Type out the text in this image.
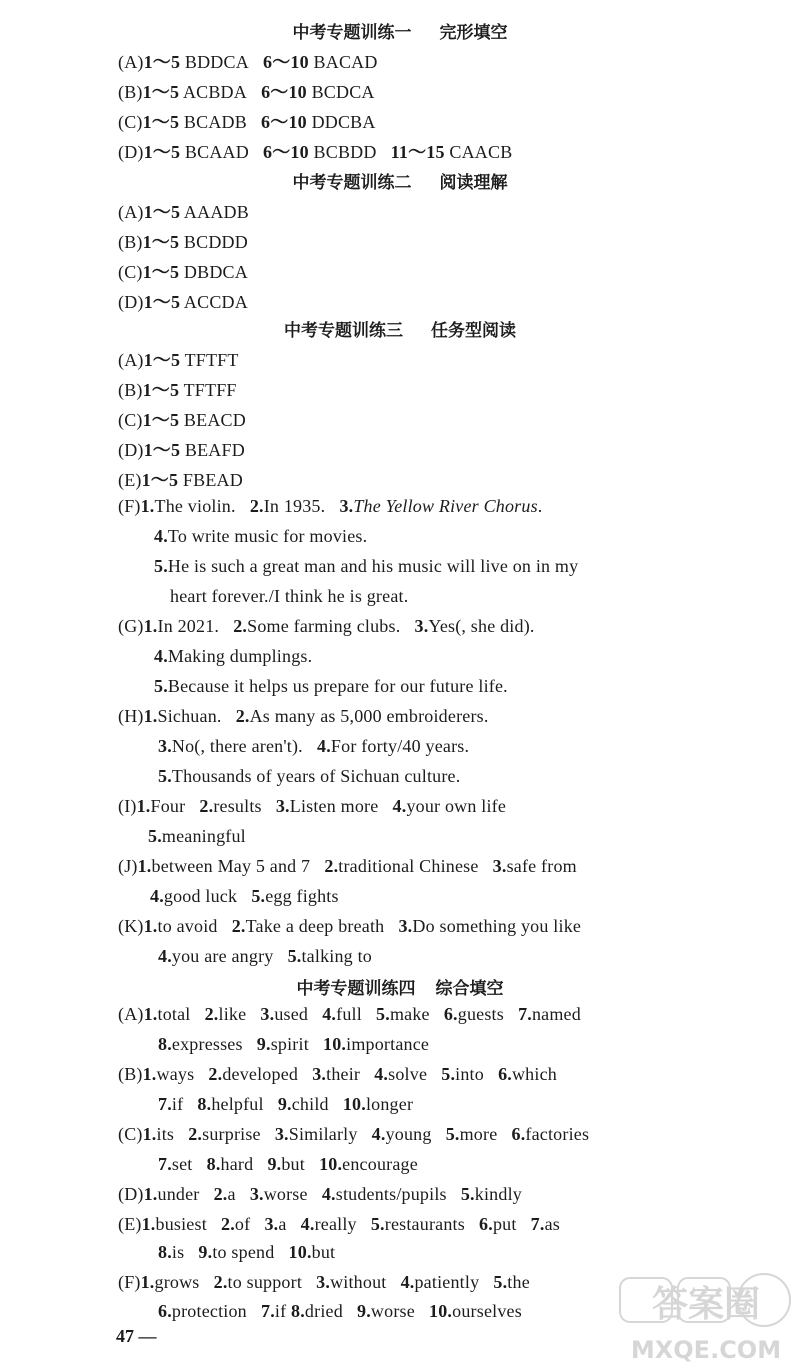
中考专题训练一 完形填空
(A)1～5 BDDCA 6～10 BACAD
(B)1～5 ACBDA 6～10 BCDCA
(C)1～5 BCADB 6～10 DDCBA
(D)1～5 BCAAD 6～10 BCBDD 11～15 CAACB
中考专题训练二 阅读理解
(A)1～5 AAADB
(B)1～5 BCDDD
(C)1～5 DBDCA
(D)1～5 ACCDA
中考专题训练三 任务型阅读
(A)1～5 TFTFT
(B)1～5 TFTFF
(C)1～5 BEACD
(D)1～5 BEAFD
(E)1～5 FBEAD
(F)1.The violin. 2.In 1935. 3.The Yellow River Chorus.
4.To write music for movies.
5.He is such a great man and his music will live on in my
heart forever./I think he is great.
(G)1.In 2021. 2.Some farming clubs. 3.Yes(, she did).
4.Making dumplings.
5.Because it helps us prepare for our future life.
(H)1.Sichuan. 2.As many as 5,000 embroiderers.
3.No(, there aren't). 4.For forty/40 years.
5.Thousands of years of Sichuan culture.
(I)1.Four 2.results 3.Listen more 4.your own life
5.meaningful
(J)1.between May 5 and 7 2.traditional Chinese 3.safe from
4.good luck 5.egg fights
(K)1.to avoid 2.Take a deep breath 3.Do something you like
4.you are angry 5.talking to
中考专题训练四 综合填空
(A)1.total 2.like 3.used 4.full 5.make 6.guests 7.named
8.expresses 9.spirit 10.importance
(B)1.ways 2.developed 3.their 4.solve 5.into 6.which
7.if 8.helpful 9.child 10.longer
(C)1.its 2.surprise 3.Similarly 4.young 5.more 6.factories
7.set 8.hard 9.but 10.encourage
(D)1.under 2.a 3.worse 4.students/pupils 5.kindly
(E)1.busiest 2.of 3.a 4.really 5.restaurants 6.put 7.as
8.is 9.to spend 10.but
(F)1.grows 2.to support 3.without 4.patiently 5.the
6.protection 7.if 8.dried 9.worse 10.ourselves
47 —
答案圈
MXQE.COM
